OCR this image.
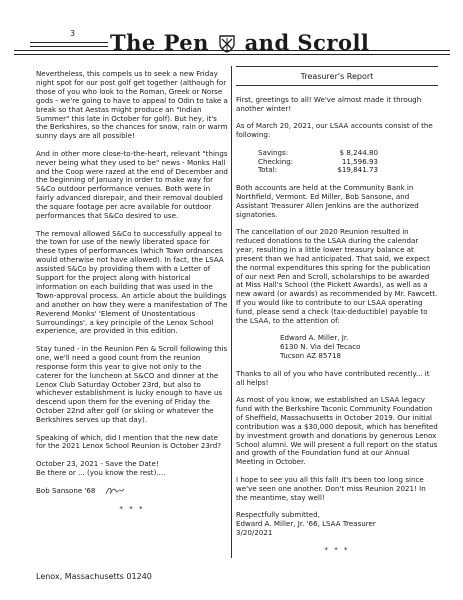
3 The Pen and Scroll

Nevertheless, this compels us to seek a new Friday night spot for our post golf get together (although for those of you who look to the Roman, Greek or Norse gods - we're going to have to appeal to Odin to take a break so that Aestas might produce an "Indian Summer" this late in October for golf). But hey, it's the Berkshires, so the chances for snow, rain or warm sunny days are all possible!

And in other more close-to-the-heart, relevant "things never being what they used to be" news - Monks Hall and the Coop were razed at the end of December and the beginning of January in order to make way for S&Co outdoor performance venues. Both were in fairly advanced disrepair, and their removal doubled the square footage per acre available for outdoor performances that S&Co desired to use.

The removal allowed S&Co to successfully appeal to the town for use of the newly liberated space for these types of performances (which Town ordnances would otherwise not have allowed). In fact, the LSAA assisted S&Co by providing them with a Letter of Support for the project along with historical information on each building that was used in the Town-approval process. An article about the buildings and another on how they were a manifestation of The Reverend Monks' 'Element of Unostentatious Surroundings', a key principle of the Lenox School experience, are provided in this edition.

Stay tuned - in the Reunion Pen & Scroll following this one, we'll need a good count from the reunion response form this year to give not only to the caterer for the luncheon at S&CO and dinner at the Lenox Club Saturday October 23rd, but also to whichever establishment is lucky enough to have us descend upon them for the evening of Friday the October 22nd after golf (or skiing or whatever the Berkshires serves up that day).

Speaking of which, did I mention that the new date for the 2021 Lenox School Reunion is October 23rd?

October 23, 2021 - Save the Date!

Be there or ... (you know the rest)....

Bob Sansone '68

* * *

Treasurer's Report

First, greetings to all! We've almost made it through another winter!

As of March 20, 2021, our LSAA accounts consist of the following:

Savings:	$ 8,244.80
Checking:	11,596.93
Total:	$19,841.73

Both accounts are held at the Community Bank in Northfield, Vermont. Ed Miller, Bob Sansone, and Assistant Treasurer Allen Jenkins are the authorized signatories.

The cancellation of our 2020 Reunion resulted in reduced donations to the LSAA during the calendar year, resulting in a little lower treasury balance at present than we had anticipated. That said, we expect the normal expenditures this spring for the publication of our next Pen and Scroll, scholarships to be awarded at Miss Hall's School (the Pickett Awards), as well as a new award (or awards) as recommended by Mr. Fawcett. If you would like to contribute to our LSAA operating fund, please send a check (tax-deductible) payable to the LSAA, to the attention of:

Edward A. Miller, Jr.
6130 N. Via del Tecaco
Tucson AZ 85718

Thanks to all of you who have contributed recently... it all helps!

As most of you know, we established an LSAA legacy fund with the Berkshire Taconic Community Foundation of Sheffield, Massachusetts in October 2019. Our initial contribution was a $30,000 deposit, which has benefited by investment growth and donations by generous Lenox School alumni. We will present a full report on the status and growth of the Foundation fund at our Annual Meeting in October.

I hope to see you all this fall! It's been too long since we've seen one another. Don't miss Reunion 2021! In the meantime, stay well!

Respectfully submitted,
Edward A. Miller, Jr. '66, LSAA Treasurer
3/20/2021

* * *

Lenox, Massachusetts 01240
